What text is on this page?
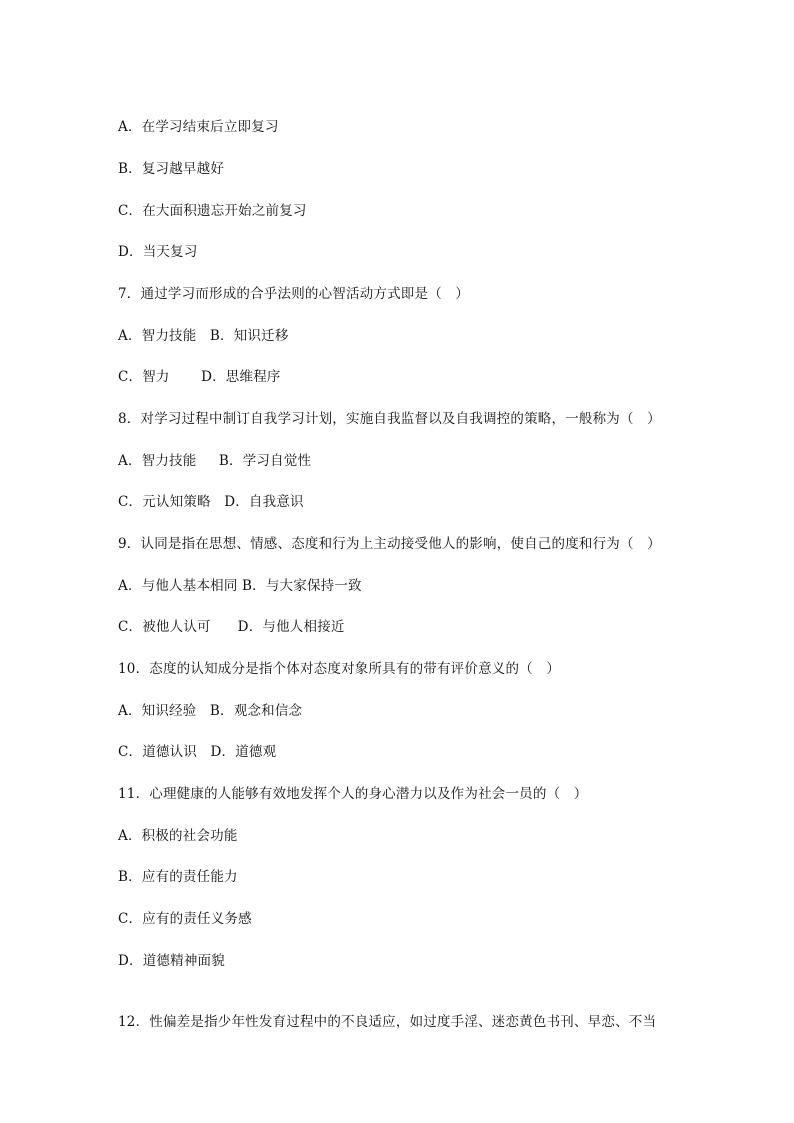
A．在学习结束后立即复习
B．复习越早越好
C．在大面积遗忘开始之前复习
D．当天复习
7．通过学习而形成的合乎法则的心智活动方式即是（   ）
A．智力技能   B．知识迁移
C．智力       D．思维程序
8．对学习过程中制订自我学习计划，实施自我监督以及自我调控的策略，一般称为（   ）
A．智力技能     B．学习自觉性
C．元认知策略   D．自我意识
9．认同是指在思想、情感、态度和行为上主动接受他人的影响，使自己的度和行为（   ）
A．与他人基本相同 B．与大家保持一致
C．被他人认可      D．与他人相接近
10．态度的认知成分是指个体对态度对象所具有的带有评价意义的（   ）
A．知识经验   B．观念和信念
C．道德认识   D．道德观
11．心理健康的人能够有效地发挥个人的身心潜力以及作为社会一员的（   ）
A．积极的社会功能
B．应有的责任能力
C．应有的责任义务感
D．道德精神面貌
12．性偏差是指少年性发育过程中的不良适应，如过度手淫、迷恋黄色书刊、早恋、不当
